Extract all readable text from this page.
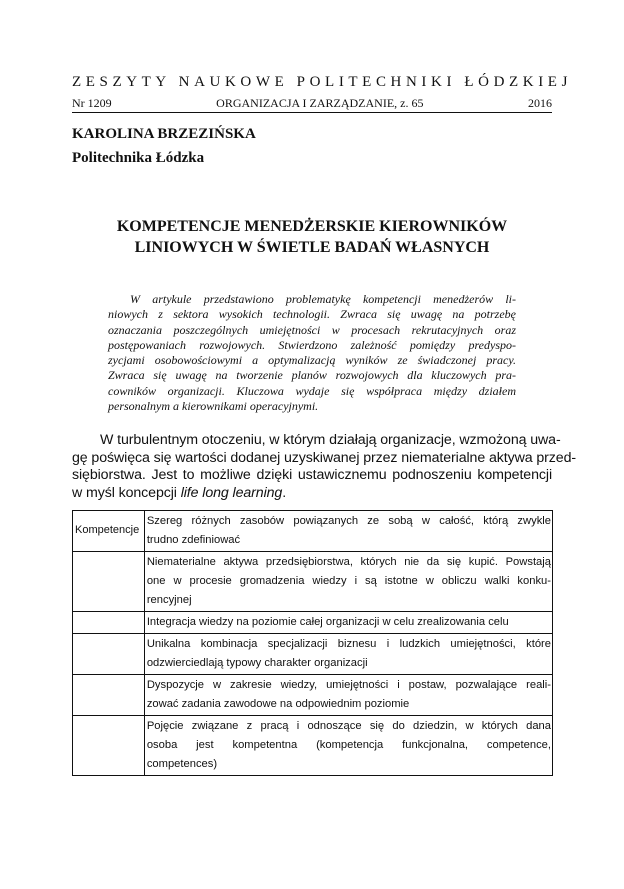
ZESZYTY NAUKOWE POLITECHNIKI ŁÓDZKIEJ
Nr 1209	ORGANIZACJA I ZARZĄDZANIE, z. 65	2016
KAROLINA BRZEZIŃSKA
Politechnika Łódzka
KOMPETENCJE MENEDŻERSKIE KIEROWNIKÓW
LINIOWYCH W ŚWIETLE BADAŃ WŁASNYCH

W artykule przedstawiono problematykę kompetencji menedżerów li-
niowych z sektora wysokich technologii. Zwraca się uwagę na potrzebę
oznaczania poszczególnych umiejętności w procesach rekrutacyjnych oraz
postępowaniach rozwojowych. Stwierdzono zależność pomiędzy predyspo-
zycjami osobowościowymi a optymalizacją wyników ze świadczonej pracy.
Zwraca się uwagę na tworzenie planów rozwojowych dla kluczowych pra-
cowników organizacji. Kluczowa wydaje się współpraca między działem
personalnym a kierownikami operacyjnymi.

W turbulentnym otoczeniu, w którym działają organizacje, wzmożoną uwa-
gę poświęca się wartości dodanej uzyskiwanej przez niematerialne aktywa przed-
siębiorstwa. Jest to możliwe dzięki ustawicznemu podnoszeniu kompetencji
w myśl koncepcji life long learning.
Kompetencje	Szereg różnych zasobów powiązanych ze sobą w całość, którą zwykle
trudno zdefiniować

	Niematerialne aktywa przedsiębiorstwa, których nie da się kupić. Powstają
one w procesie gromadzenia wiedzy i są istotne w obliczu walki konku-
rencyjnej

	Integracja wiedzy na poziomie całej organizacji w celu zrealizowania celu

	Unikalna kombinacja specjalizacji biznesu i ludzkich umiejętności, które
odzwierciedlają typowy charakter organizacji

	Dyspozycje w zakresie wiedzy, umiejętności i postaw, pozwalające reali-
zować zadania zawodowe na odpowiednim poziomie

	Pojęcie związane z pracą i odnoszące się do dziedzin, w których dana
osoba jest kompetentna (kompetencja funkcjonalna, competence,
competences)
